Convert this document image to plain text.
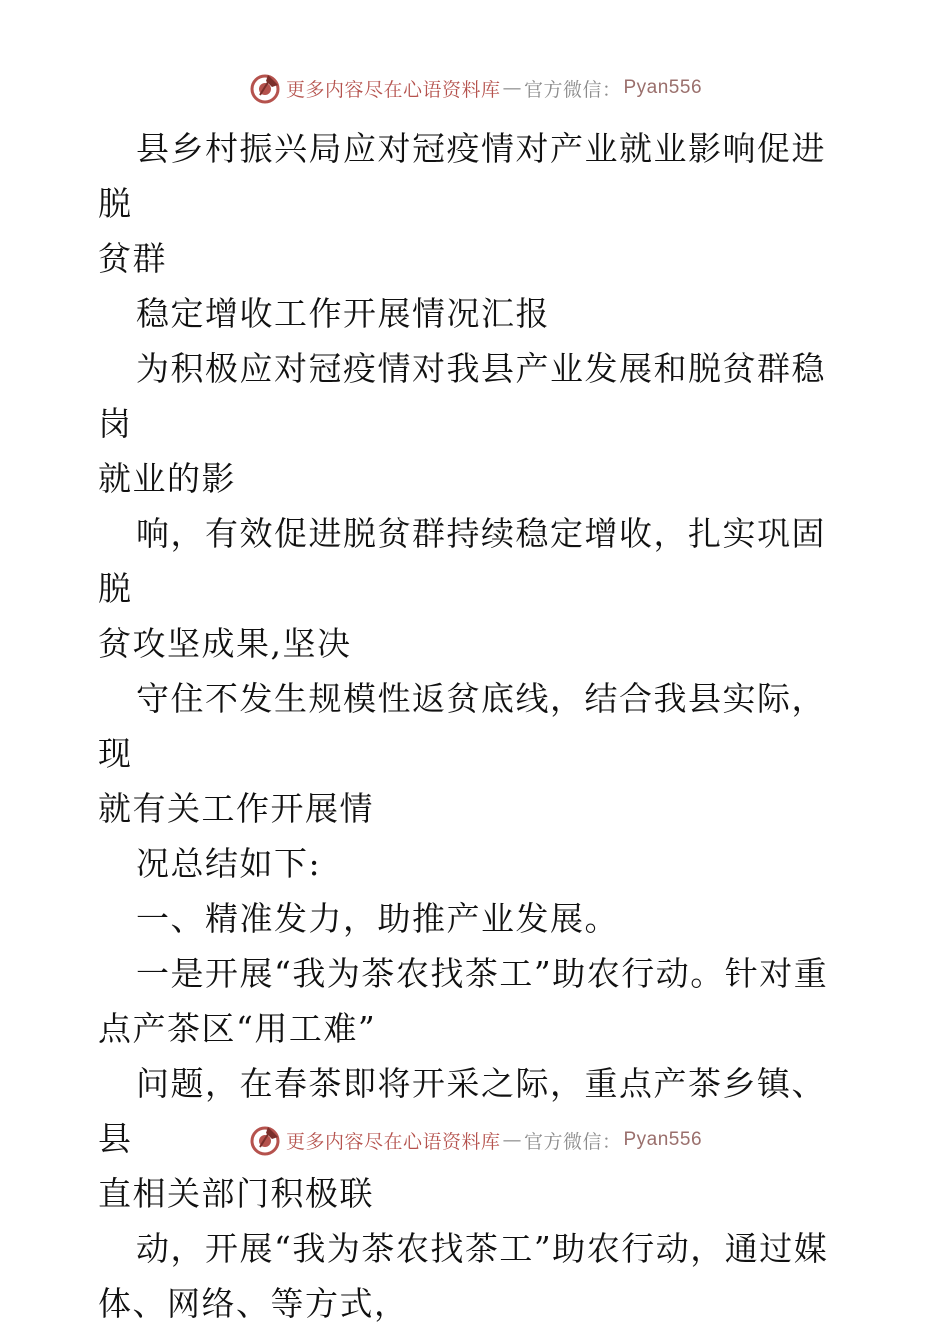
更多内容尽在心语资料库 — 官方微信： Pyan556

县乡村振兴局应对冠疫情对产业就业影响促进脱
贫群

稳定增收工作开展情况汇报

为积极应对冠疫情对我县产业发展和脱贫群稳岗
就业的影

响，有效促进脱贫群持续稳定增收，扎实巩固脱
贫攻坚成果,坚决

守住不发生规模性返贫底线，结合我县实际，现
就有关工作开展情

况总结如下:

一、精准发力，助推产业发展。

一是开展“我为茶农找茶工”助农行动。针对重
点产茶区“用工难”

问题，在春茶即将开采之际，重点产茶乡镇、县
直相关部门积极联

动，开展“我为茶农找茶工”助农行动，通过媒
体、网络、等方式，

更多内容尽在心语资料库 — 官方微信： Pyan556
